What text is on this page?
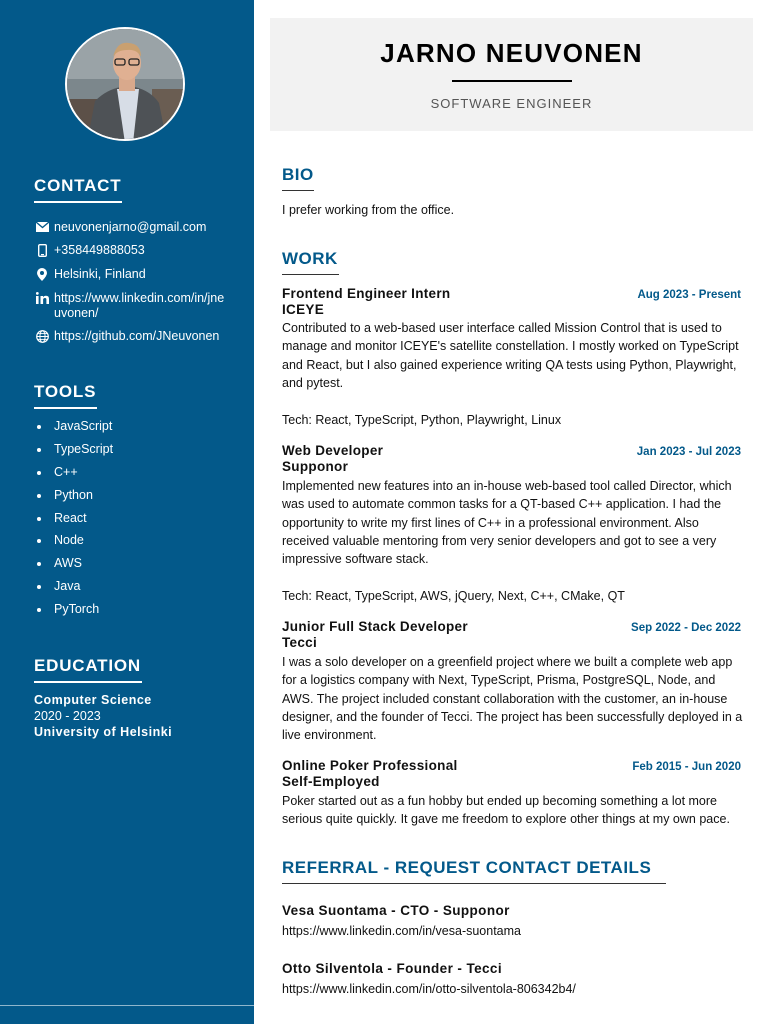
CONTACT
neuvonenjarno@gmail.com
+358449888053
Helsinki, Finland
https://www.linkedin.com/in/jneuvonen/
https://github.com/JNeuvonen
TOOLS
JavaScript
TypeScript
C++
Python
React
Node
AWS
Java
PyTorch
EDUCATION
Computer Science
2020 - 2023
University of Helsinki
JARNO NEUVONEN
SOFTWARE ENGINEER
BIO
I prefer working from the office.
WORK
Frontend Engineer Intern	Aug 2023 - Present
ICEYE
Contributed to a web-based user interface called Mission Control that is used to manage and monitor ICEYE's satellite constellation. I mostly worked on TypeScript and React, but I also gained experience writing QA tests using Python, Playwright, and pytest.
Tech: React, TypeScript, Python, Playwright, Linux
Web Developer	Jan 2023 - Jul 2023
Supponor
Implemented new features into an in-house web-based tool called Director, which was used to automate common tasks for a QT-based C++ application. I had the opportunity to write my first lines of C++ in a professional environment. Also received valuable mentoring from very senior developers and got to see a very impressive software stack.
Tech: React, TypeScript, AWS, jQuery, Next, C++, CMake, QT
Junior Full Stack Developer	Sep 2022 - Dec 2022
Tecci
I was a solo developer on a greenfield project where we built a complete web app for a logistics company with Next, TypeScript, Prisma, PostgreSQL, Node, and AWS. The project included constant collaboration with the customer, an in-house designer, and the founder of Tecci. The project has been successfully deployed in a live environment.
Online Poker Professional	Feb 2015 - Jun 2020
Self-Employed
Poker started out as a fun hobby but ended up becoming something a lot more serious quite quickly. It gave me freedom to explore other things at my own pace.
REFERRAL - REQUEST CONTACT DETAILS
Vesa Suontama - CTO - Supponor
https://www.linkedin.com/in/vesa-suontama
Otto Silventola - Founder - Tecci
https://www.linkedin.com/in/otto-silventola-806342b4/
